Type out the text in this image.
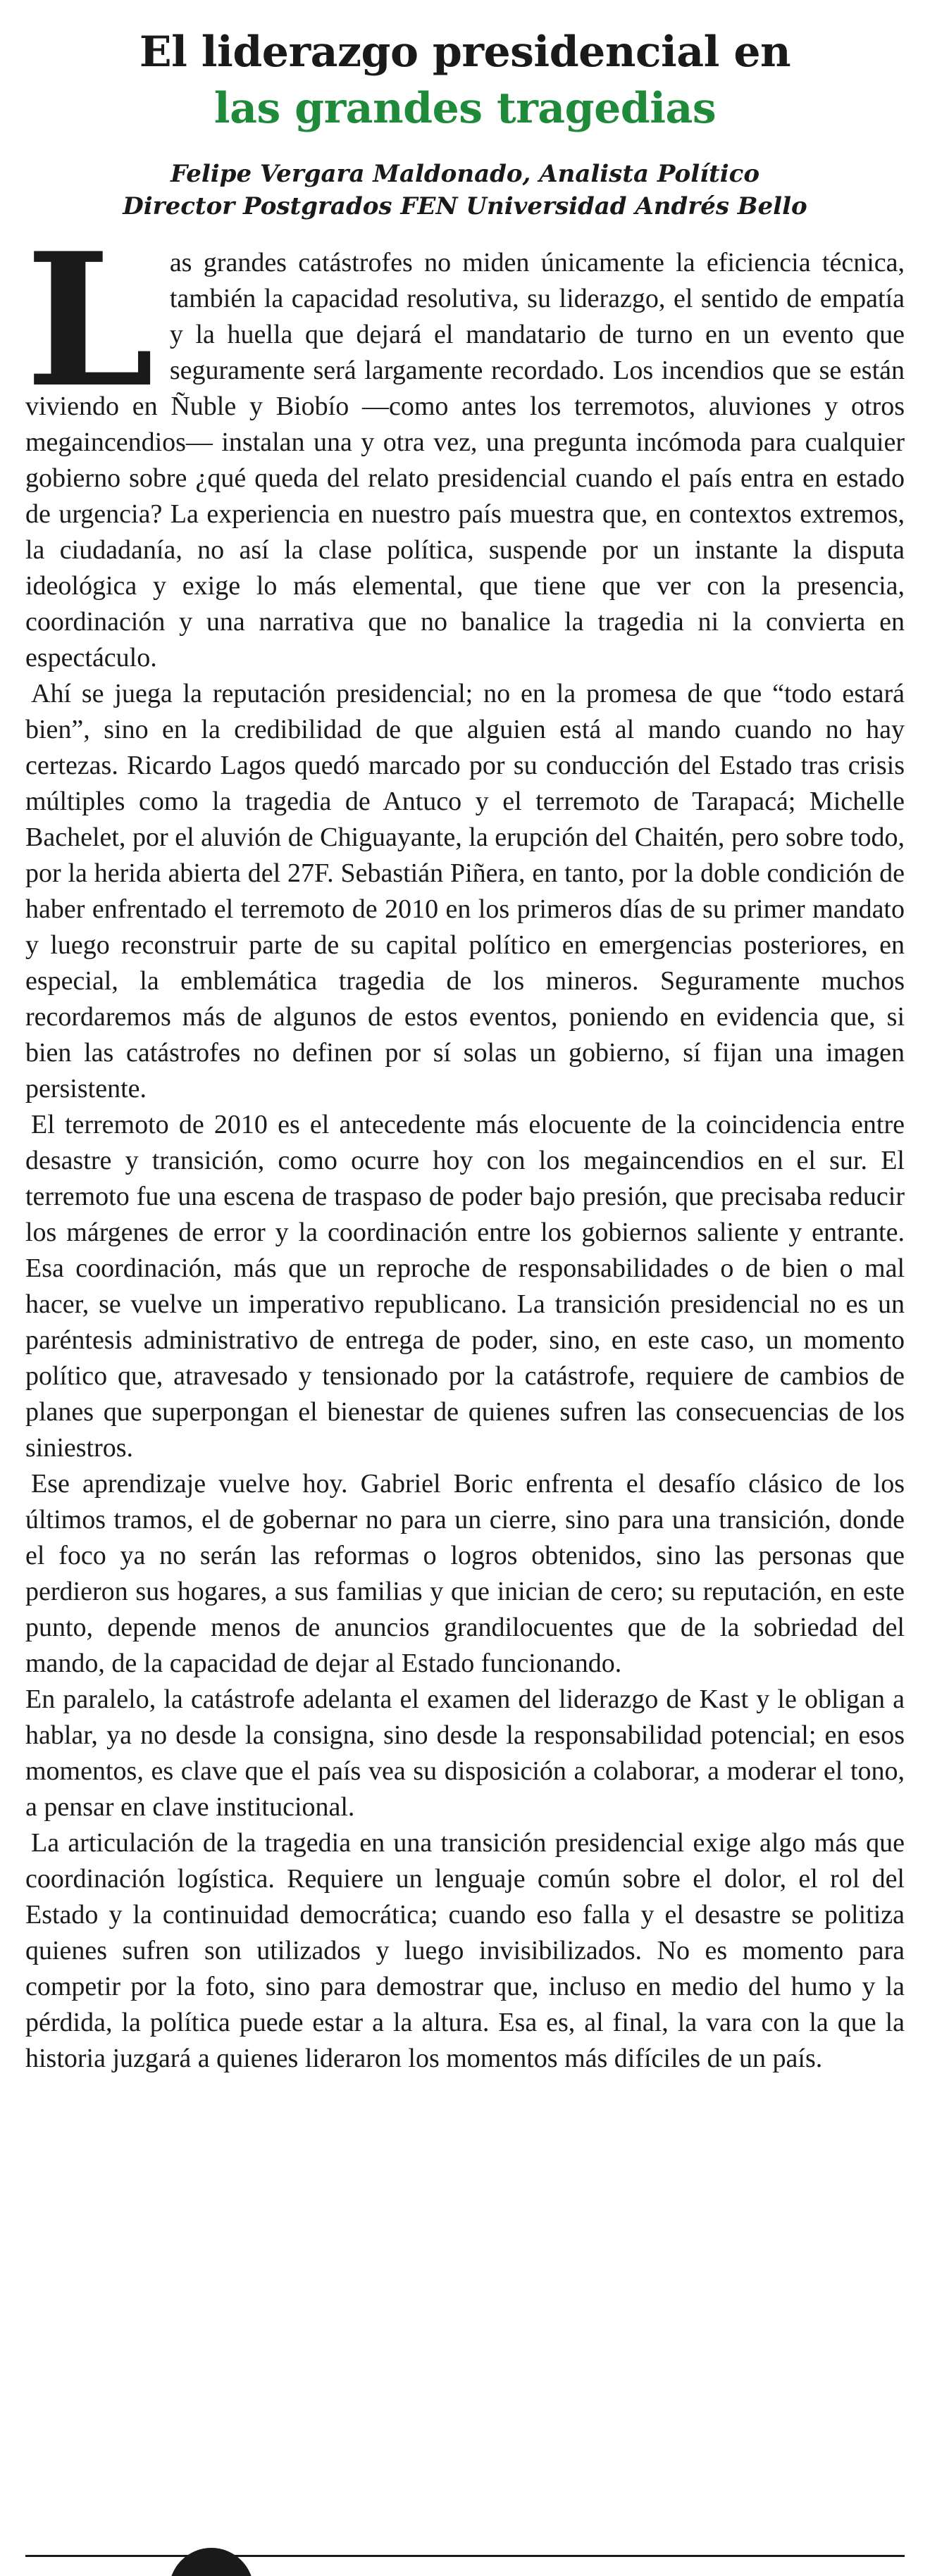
El liderazgo presidencial en
las grandes tragedias
Felipe Vergara Maldonado, Analista Político
Director Postgrados FEN Universidad Andrés Bello

Las grandes catástrofes no miden únicamente la eficiencia técnica, también la capacidad resolutiva, su liderazgo, el sentido de empatía y la huella que dejará el mandatario de turno en un evento que seguramente será largamente recordado. Los incendios que se están viviendo en Ñuble y Biobío —como antes los terremotos, aluviones y otros megaincendios— instalan una y otra vez, una pregunta incómoda para cualquier gobierno sobre ¿qué queda del relato presidencial cuando el país entra en estado de urgencia? La experiencia en nuestro país muestra que, en contextos extremos, la ciudadanía, no así la clase política, suspende por un instante la disputa ideológica y exige lo más elemental, que tiene que ver con la presencia, coordinación y una narrativa que no banalice la tragedia ni la convierta en espectáculo.

Ahí se juega la reputación presidencial; no en la promesa de que “todo estará bien”, sino en la credibilidad de que alguien está al mando cuando no hay certezas. Ricardo Lagos quedó marcado por su conducción del Estado tras crisis múltiples como la tragedia de Antuco y el terremoto de Tarapacá; Michelle Bachelet, por el aluvión de Chiguayante, la erupción del Chaitén, pero sobre todo, por la herida abierta del 27F. Sebastián Piñera, en tanto, por la doble condición de haber enfrentado el terremoto de 2010 en los primeros días de su primer mandato y luego reconstruir parte de su capital político en emergencias posteriores, en especial, la emblemática tragedia de los mineros. Seguramente muchos recordaremos más de algunos de estos eventos, poniendo en evidencia que, si bien las catástrofes no definen por sí solas un gobierno, sí fijan una imagen persistente.

El terremoto de 2010 es el antecedente más elocuente de la coincidencia entre desastre y transición, como ocurre hoy con los megaincendios en el sur. El terremoto fue una escena de traspaso de poder bajo presión, que precisaba reducir los márgenes de error y la coordinación entre los gobiernos saliente y entrante. Esa coordinación, más que un reproche de responsabilidades o de bien o mal hacer, se vuelve un imperativo republicano. La transición presidencial no es un paréntesis administrativo de entrega de poder, sino, en este caso, un momento político que, atravesado y tensionado por la catástrofe, requiere de cambios de planes que superpongan el bienestar de quienes sufren las consecuencias de los siniestros.

Ese aprendizaje vuelve hoy. Gabriel Boric enfrenta el desafío clásico de los últimos tramos, el de gobernar no para un cierre, sino para una transición, donde el foco ya no serán las reformas o logros obtenidos, sino las personas que perdieron sus hogares, a sus familias y que inician de cero; su reputación, en este punto, depende menos de anuncios grandilocuentes que de la sobriedad del mando, de la capacidad de dejar al Estado funcionando.

En paralelo, la catástrofe adelanta el examen del liderazgo de Kast y le obligan a hablar, ya no desde la consigna, sino desde la responsabilidad potencial; en esos momentos, es clave que el país vea su disposición a colaborar, a moderar el tono, a pensar en clave institucional.

La articulación de la tragedia en una transición presidencial exige algo más que coordinación logística. Requiere un lenguaje común sobre el dolor, el rol del Estado y la continuidad democrática; cuando eso falla y el desastre se politiza quienes sufren son utilizados y luego invisibilizados. No es momento para competir por la foto, sino para demostrar que, incluso en medio del humo y la pérdida, la política puede estar a la altura. Esa es, al final, la vara con la que la historia juzgará a quienes lideraron los momentos más difíciles de un país.
